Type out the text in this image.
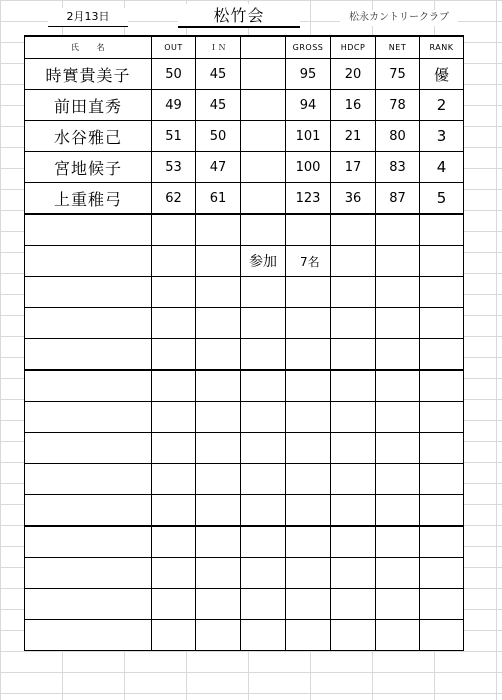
2月13日	松竹会	松永カントリークラブ
氏　　名	OUT	ＩＮ		GROSS	HDCP	NET	RANK
時實貴美子	50	45		95	20	75	優
前田直秀	49	45		94	16	78	2
水谷雅己	51	50		101	21	80	3
宮地候子	53	47		100	17	83	4
上重稚弓	62	61		123	36	87	5

			参加	7名			
